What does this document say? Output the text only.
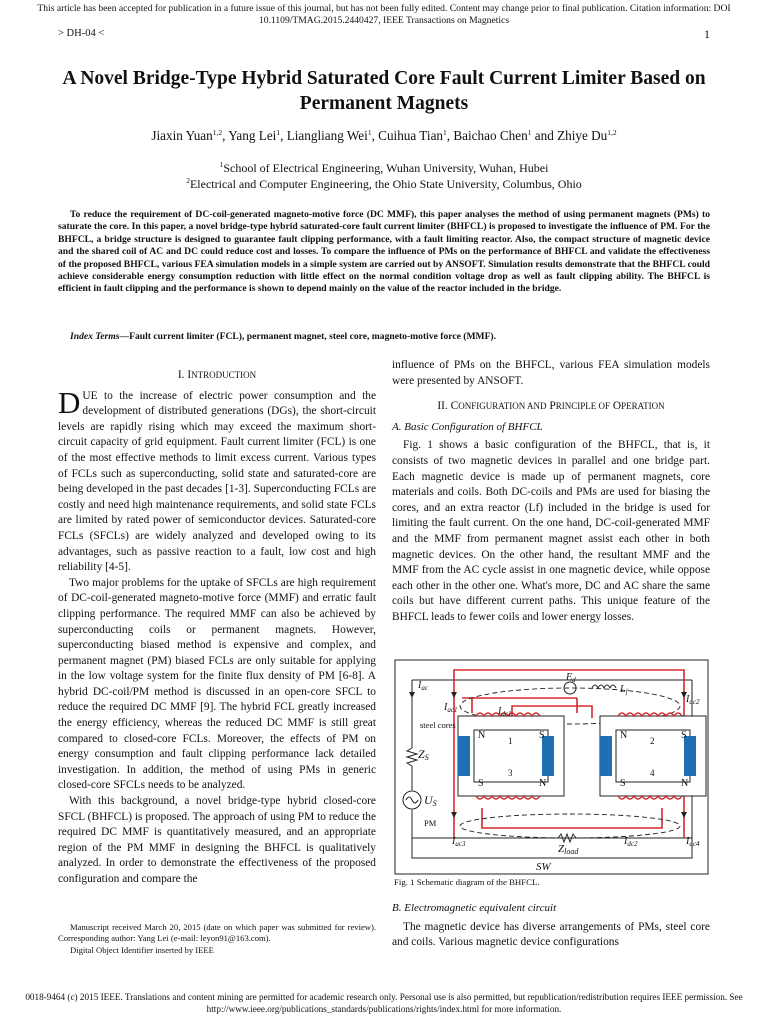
This article has been accepted for publication in a future issue of this journal, but has not been fully edited. Content may change prior to final publication. Citation information: DOI 10.1109/TMAG.2015.2440427, IEEE Transactions on Magnetics
> DH-04 <	1
A Novel Bridge-Type Hybrid Saturated Core Fault Current Limiter Based on Permanent Magnets
Jiaxin Yuan$^{1,2}$, Yang Lei$^1$, Liangliang Wei$^1$, Cuihua Tian$^1$, Baichao Chen$^1$ and Zhiye Du$^{1,2}$
$^1$School of Electrical Engineering, Wuhan University, Wuhan, Hubei
$^2$Electrical and Computer Engineering, the Ohio State University, Columbus, Ohio
To reduce the requirement of DC-coil-generated magneto-motive force (DC MMF), this paper analyses the method of using permanent magnets (PMs) to saturate the core. In this paper, a novel bridge-type hybrid saturated-core fault current limiter (BHFCL) is proposed to investigate the influence of PM. For the BHFCL, a bridge structure is designed to guarantee fault clipping performance, with a fault limiting reactor. Also, the compact structure of magnetic device and the shared coil of AC and DC could reduce cost and losses. To compare the influence of PMs on the performance of BHFCL and validate the effectiveness of the proposed BHFCL, various FEA simulation models in a simple system are carried out by ANSOFT. Simulation results demonstrate that the BHFCL could achieve considerable energy consumption reduction with little effect on the normal condition voltage drop as well as fault clipping ability. The BHFCL is efficient in fault clipping and the performance is shown to depend mainly on the value of the reactor included in the bridge.
Index Terms—Fault current limiter (FCL), permanent magnet, steel core, magneto-motive force (MMF).
I. INTRODUCTION

DUE to the increase of electric power consumption and the development of distributed generations (DGs), the short-circuit levels are rapidly rising which may exceed the maximum short-circuit capacity of grid equipment. Fault current limiter (FCL) is one of the most effective methods to limit excess current. Various types of FCLs such as superconducting, solid state and saturated-core are being developed in the past decades [1-3]. Superconducting FCLs are costly and need high maintenance requirements, and solid state FCLs are limited by rated power of semiconductor devices. Saturated-core FCLs (SFCLs) are widely analyzed and developed owing to its advantages, such as passive reaction to a fault, low cost and high reliability [4-5].

Two major problems for the uptake of SFCLs are high requirement of DC-coil-generated magneto-motive force (MMF) and erratic fault clipping performance. The required MMF can also be achieved by superconducting coils or permanent magnets. However, superconducting biased method is expensive and complex, and permanent magnet (PM) biased FCLs are only suitable for applying in the low voltage system for the finite flux density of PM [6-8]. A hybrid DC-coil/PM method is discussed in an open-core SFCL to reduce the required DC MMF [9]. The hybrid FCL greatly increased the energy efficiency, whereas the reduced DC MMF is still great compared to closed-core FCLs. Moreover, the effects of PM on energy consumption and fault clipping performance lack detailed investigation. In addition, the method of using PMs in generic closed-core SFCLs needs to be analyzed.

With this background, a novel bridge-type hybrid closed-core SFCL (BHFCL) is proposed. The approach of using PM to reduce the required DC MMF is quantitatively measured, and an appropriate region of the PM MMF in designing the BHFCL is qualitatively analyzed. In order to demonstrate the effectiveness of the proposed configuration and compare the

influence of PMs on the BHFCL, various FEA simulation models were presented by ANSOFT.

II. CONFIGURATION AND PRINCIPLE OF OPERATION
A. Basic Configuration of BHFCL

Fig. 1 shows a basic configuration of the BHFCL, that is, it consists of two magnetic devices in parallel and one bridge part. Each magnetic device is made up of permanent magnets, core materials and coils. Both DC-coils and PMs are used for biasing the cores, and an extra reactor (Lf) included in the bridge is used for limiting the fault current. On the one hand, DC-coil-generated MMF and the MMF from permanent magnet assist each other in both magnetic devices. On the other hand, the resultant MMF and the MMF from the AC cycle assist in one magnetic device, while oppose each other in the other one. What's more, DC and AC share the same coils but have different current paths. This unique feature of the BHFCL leads to fewer coils and lower energy losses.

$I_{ac}$
$I_{ac1}$	$I_{dc1}$
$E_d$
$L_f$
$I_{ac2}$
steel cores
ZS
US
PM
$I_{ac3}$	$I_{dc2}$	$I_{ac4}$
Zload
SW
N	S
S	N
N	S
S	N
1	2
3	4
Fig. 1 Schematic diagram of the BHFCL.
B. Electromagnetic equivalent circuit

The magnetic device has diverse arrangements of PMs, steel core and coils. Various magnetic device configurations

Manuscript received March 20, 2015 (date on which paper was submitted for review). Corresponding author: Yang Lei (e-mail: leyon91@163.com).

Digital Object Identifier inserted by IEEE

0018-9464 (c) 2015 IEEE. Translations and content mining are permitted for academic research only. Personal use is also permitted, but republication/redistribution requires IEEE permission. See http://www.ieee.org/publications_standards/publications/rights/index.html for more information.
